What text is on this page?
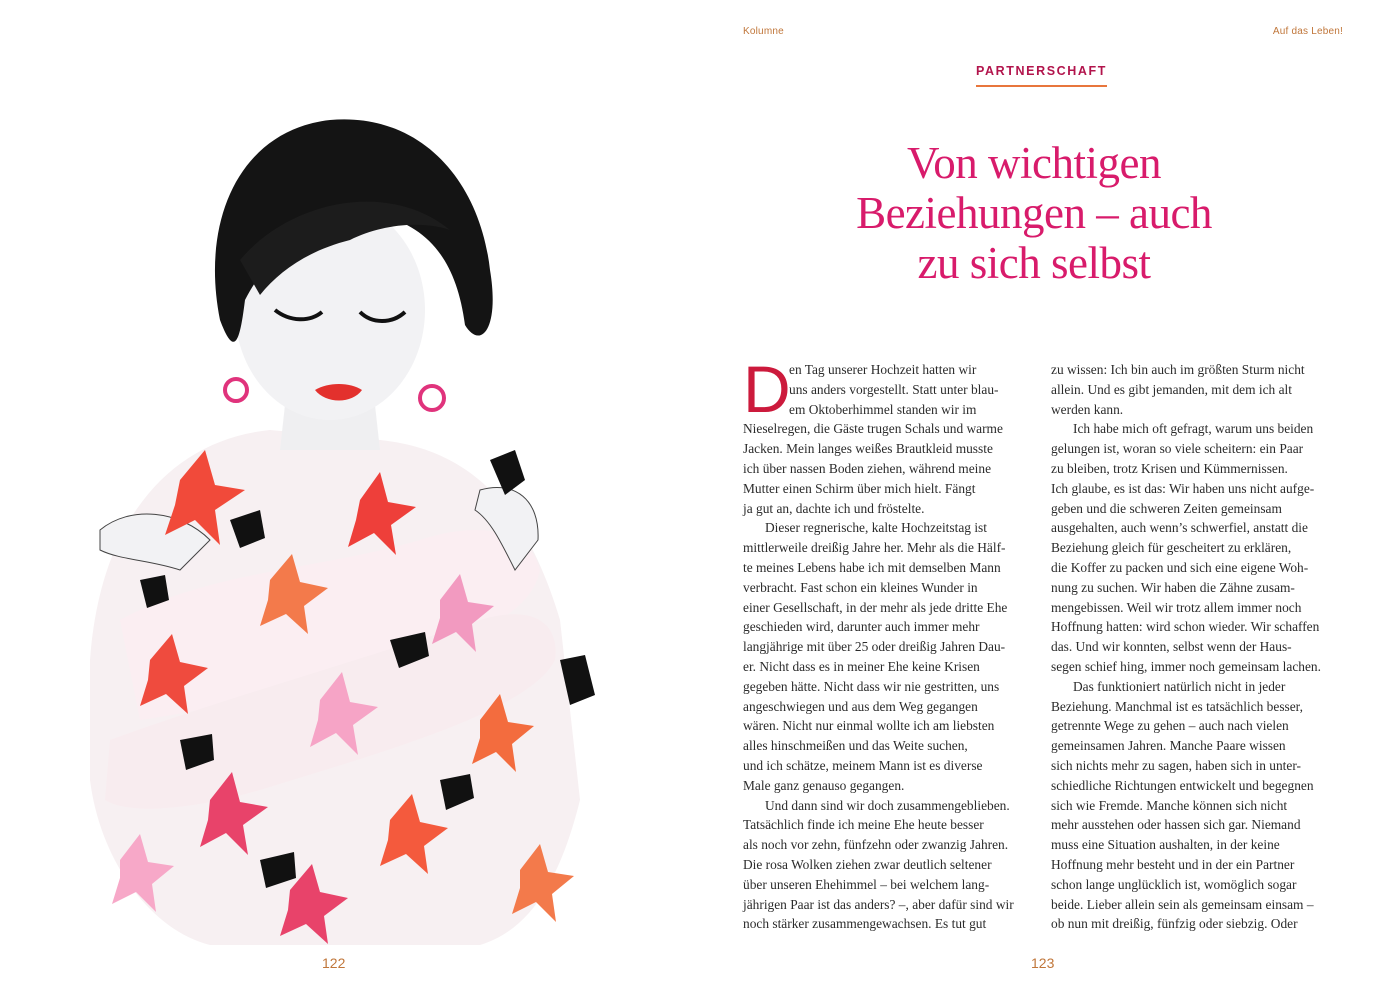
122
Kolumne	Auf das Leben!
PARTNERSCHAFT
Von wichtigen
Beziehungen – auch
zu sich selbst
D
en Tag unserer Hochzeit hatten wir
uns anders vorgestellt. Statt unter blau-
em Oktoberhimmel standen wir im
Nieselregen, die Gäste trugen Schals und warme
Jacken. Mein langes weißes Brautkleid musste
ich über nassen Boden ziehen, während meine
Mutter einen Schirm über mich hielt. Fängt
ja gut an, dachte ich und fröstelte.
Dieser regnerische, kalte Hochzeitstag ist
mittlerweile dreißig Jahre her. Mehr als die Hälf-
te meines Lebens habe ich mit demselben Mann
verbracht. Fast schon ein kleines Wunder in
einer Gesellschaft, in der mehr als jede dritte Ehe
geschieden wird, darunter auch immer mehr
langjährige mit über 25 oder dreißig Jahren Dau-
er. Nicht dass es in meiner Ehe keine Krisen
gegeben hätte. Nicht dass wir nie gestritten, uns
angeschwiegen und aus dem Weg gegangen
wären. Nicht nur einmal wollte ich am liebsten
alles hinschmeißen und das Weite suchen,
und ich schätze, meinem Mann ist es diverse
Male ganz genauso gegangen.
Und dann sind wir doch zusammengeblieben.
Tatsächlich finde ich meine Ehe heute besser
als noch vor zehn, fünfzehn oder zwanzig Jahren.
Die rosa Wolken ziehen zwar deutlich seltener
über unseren Ehehimmel – bei welchem lang-
jährigen Paar ist das anders? –, aber dafür sind wir
noch stärker zusammengewachsen. Es tut gut
zu wissen: Ich bin auch im größten Sturm nicht
allein. Und es gibt jemanden, mit dem ich alt
werden kann.
Ich habe mich oft gefragt, warum uns beiden
gelungen ist, woran so viele scheitern: ein Paar
zu bleiben, trotz Krisen und Kümmernissen.
Ich glaube, es ist das: Wir haben uns nicht aufge-
geben und die schweren Zeiten gemeinsam
ausgehalten, auch wenn’s schwerfiel, anstatt die
Beziehung gleich für gescheitert zu erklären,
die Koffer zu packen und sich eine eigene Woh-
nung zu suchen. Wir haben die Zähne zusam-
mengebissen. Weil wir trotz allem immer noch
Hoffnung hatten: wird schon wieder. Wir schaffen
das. Und wir konnten, selbst wenn der Haus-
segen schief hing, immer noch gemeinsam lachen.
Das funktioniert natürlich nicht in jeder
Beziehung. Manchmal ist es tatsächlich besser,
getrennte Wege zu gehen – auch nach vielen
gemeinsamen Jahren. Manche Paare wissen
sich nichts mehr zu sagen, haben sich in unter-
schiedliche Richtungen entwickelt und begegnen
sich wie Fremde. Manche können sich nicht
mehr ausstehen oder hassen sich gar. Niemand
muss eine Situation aushalten, in der keine
Hoffnung mehr besteht und in der ein Partner
schon lange unglücklich ist, womöglich sogar
beide. Lieber allein sein als gemeinsam einsam –
ob nun mit dreißig, fünfzig oder siebzig. Oder
123
